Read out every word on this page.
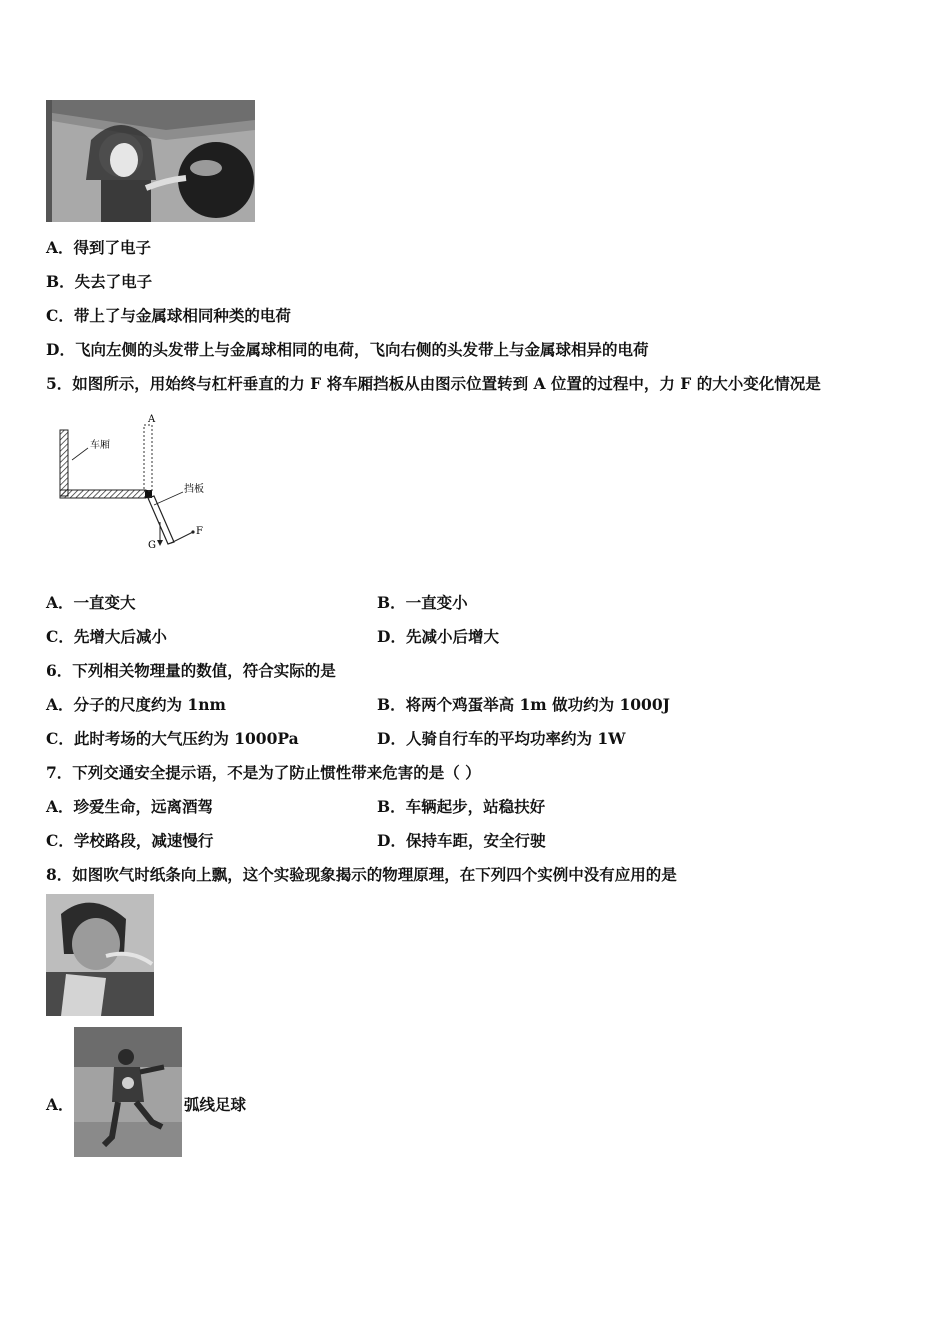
A．得到了电子
B．失去了电子
C．带上了与金属球相同种类的电荷
D．飞向左侧的头发带上与金属球相同的电荷，飞向右侧的头发带上与金属球相异的电荷
5．如图所示，用始终与杠杆垂直的力 F 将车厢挡板从由图示位置转到 A 位置的过程中，力 F 的大小变化情况是
A
车厢
挡板
G
F
A．一直变大	B．一直变小
C．先增大后减小	D．先减小后增大
6．下列相关物理量的数值，符合实际的是
A．分子的尺度约为 1nm	B．将两个鸡蛋举高 1m 做功约为 1000J
C．此时考场的大气压约为 1000Pa	D．人骑自行车的平均功率约为 1W
7．下列交通安全提示语，不是为了防止惯性带来危害的是（ ）
A．珍爱生命，远离酒驾	B．车辆起步，站稳扶好
C．学校路段，减速慢行	D．保持车距，安全行驶
8．如图吹气时纸条向上飘，这个实验现象揭示的物理原理，在下列四个实例中没有应用的是
A．	弧线足球
